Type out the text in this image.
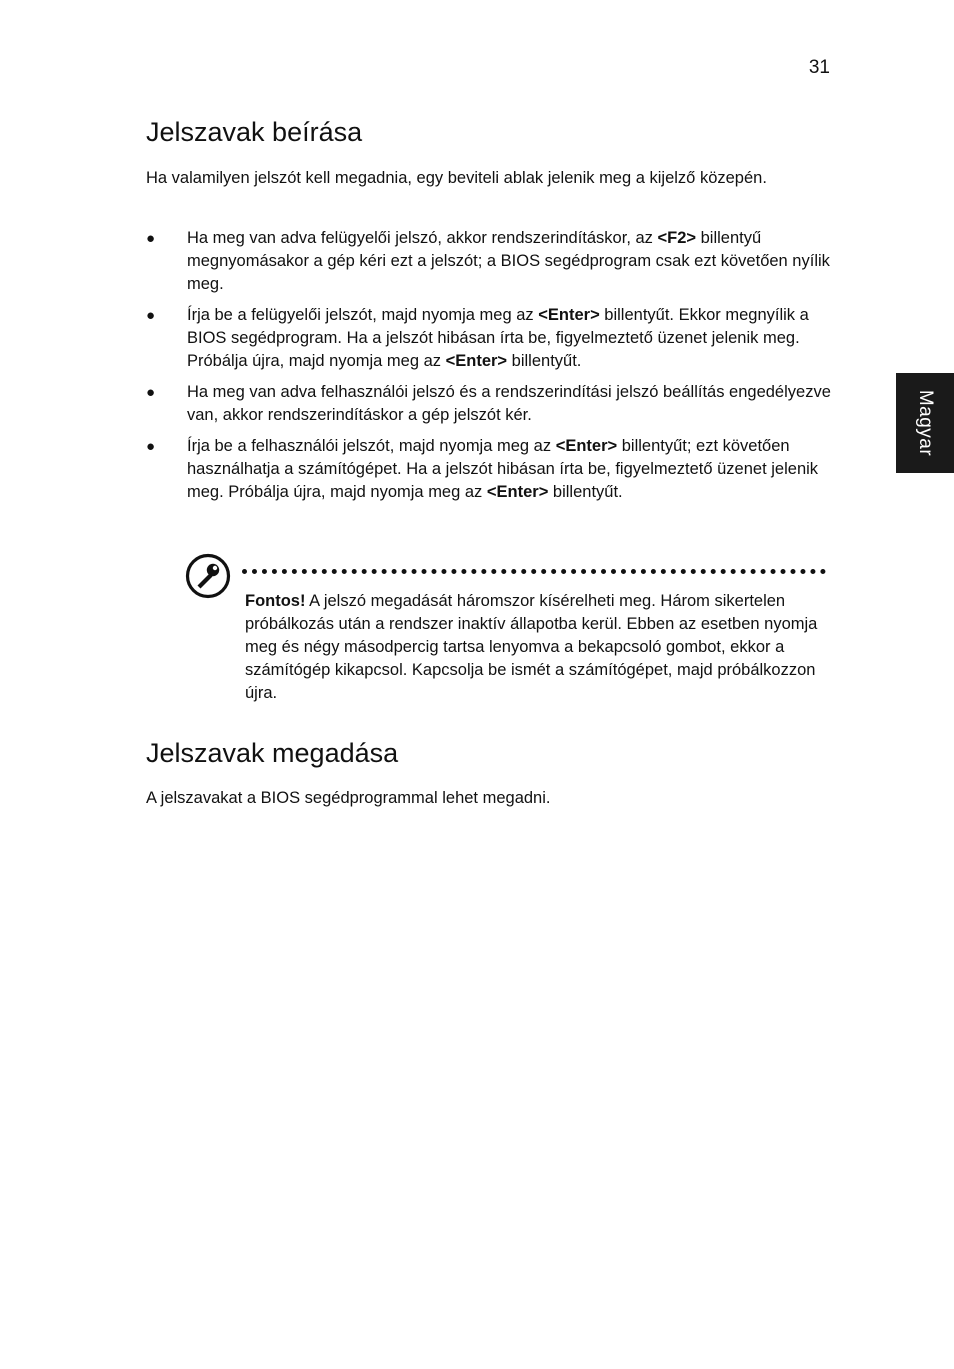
31
Magyar
Jelszavak beírása

Ha valamilyen jelszót kell megadnia, egy beviteli ablak jelenik meg a kijelző közepén.

● Ha meg van adva felügyelői jelszó, akkor rendszerindításkor, az <F2> billentyű megnyomásakor a gép kéri ezt a jelszót; a BIOS segédprogram csak ezt követően nyílik meg.
● Írja be a felügyelői jelszót, majd nyomja meg az <Enter> billentyűt. Ekkor megnyílik a BIOS segédprogram. Ha a jelszót hibásan írta be, figyelmeztető üzenet jelenik meg. Próbálja újra, majd nyomja meg az <Enter> billentyűt.
● Ha meg van adva felhasználói jelszó és a rendszerindítási jelszó beállítás engedélyezve van, akkor rendszerindításkor a gép jelszót kér.
● Írja be a felhasználói jelszót, majd nyomja meg az <Enter> billentyűt; ezt követően használhatja a számítógépet. Ha a jelszót hibásan írta be, figyelmeztető üzenet jelenik meg. Próbálja újra, majd nyomja meg az <Enter> billentyűt.
Fontos! A jelszó megadását háromszor kísérelheti meg. Három sikertelen próbálkozás után a rendszer inaktív állapotba kerül. Ebben az esetben nyomja meg és négy másodpercig tartsa lenyomva a bekapcsoló gombot, ekkor a számítógép kikapcsol. Kapcsolja be ismét a számítógépet, majd próbálkozzon újra.
Jelszavak megadása

A jelszavakat a BIOS segédprogrammal lehet megadni.
